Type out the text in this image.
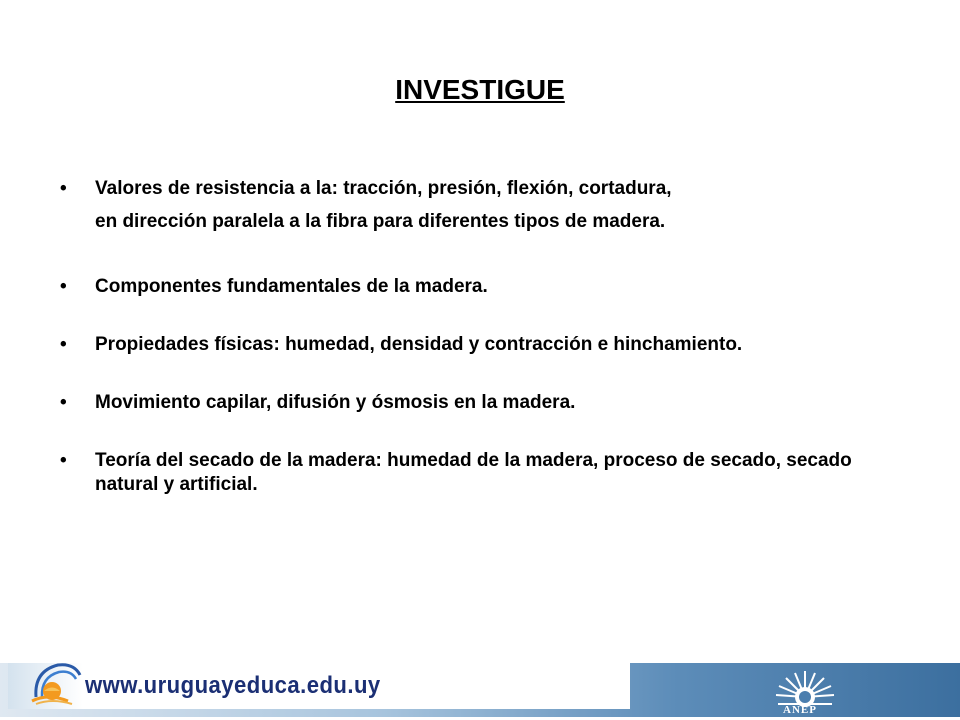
INVESTIGUE
• Valores de resistencia a la: tracción, presión, flexión, cortadura,
en dirección paralela a la fibra para diferentes tipos de madera.
• Componentes fundamentales de la madera.
• Propiedades físicas: humedad, densidad y contracción e hinchamiento.
• Movimiento capilar, difusión y ósmosis en la madera.
• Teoría del secado de la madera: humedad de la madera, proceso de secado, secado natural y artificial.
www.uruguayeduca.edu.uy
ANEP
